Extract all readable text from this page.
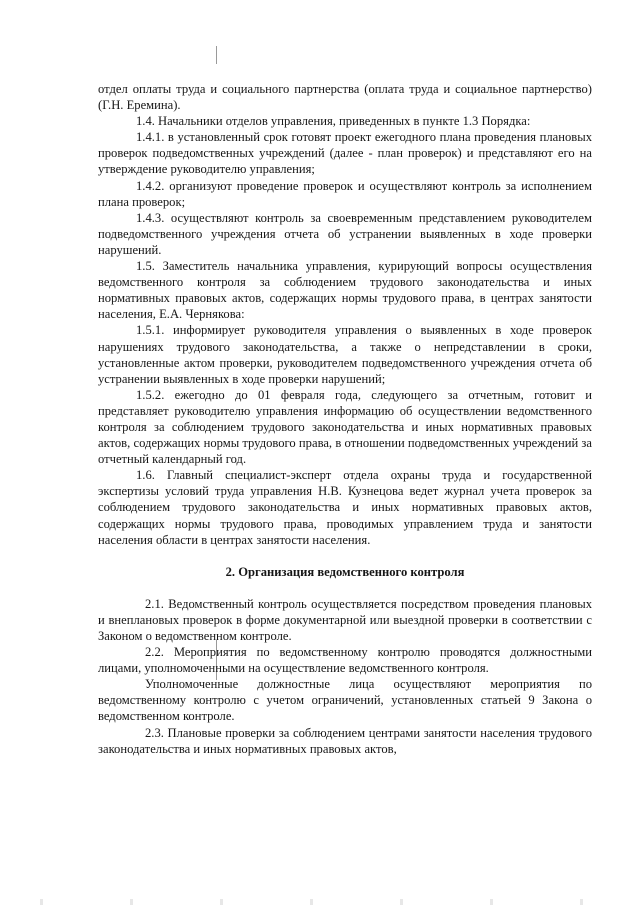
отдел оплаты труда и социального партнерства (оплата труда и социальное партнерство) (Г.Н. Еремина).

1.4. Начальники отделов управления, приведенных в пункте 1.3 Порядка:

1.4.1. в установленный срок готовят проект ежегодного плана проведения плановых проверок подведомственных учреждений (далее - план проверок) и представляют его на утверждение руководителю управления;

1.4.2. организуют проведение проверок и осуществляют контроль за исполнением плана проверок;

1.4.3. осуществляют контроль за своевременным представлением руководителем подведомственного учреждения отчета об устранении выявленных в ходе проверки нарушений.

1.5. Заместитель начальника управления, курирующий вопросы осуществления ведомственного контроля за соблюдением трудового законодательства и иных нормативных правовых актов, содержащих нормы трудового права, в центрах занятости населения, Е.А. Чернякова:

1.5.1. информирует руководителя управления о выявленных в ходе проверок нарушениях трудового законодательства, а также о непредставлении в сроки, установленные актом проверки, руководителем подведомственного учреждения отчета об устранении выявленных в ходе проверки нарушений;

1.5.2. ежегодно до 01 февраля года, следующего за отчетным, готовит и представляет руководителю управления информацию об осуществлении ведомственного контроля за соблюдением трудового законодательства и иных нормативных правовых актов, содержащих нормы трудового права, в отношении подведомственных учреждений за отчетный календарный год.

1.6. Главный специалист-эксперт отдела охраны труда и государственной экспертизы условий труда управления Н.В. Кузнецова ведет журнал учета проверок за соблюдением трудового законодательства и иных нормативных правовых актов, содержащих нормы трудового права, проводимых управлением труда и занятости населения области в центрах занятости населения.

2. Организация ведомственного контроля

2.1. Ведомственный контроль осуществляется посредством проведения плановых и внеплановых проверок в форме документарной или выездной проверки в соответствии с Законом о ведомственном контроле.

2.2. Мероприятия по ведомственному контролю проводятся должностными лицами, уполномоченными на осуществление ведомственного контроля.

Уполномоченные должностные лица осуществляют мероприятия по ведомственному контролю с учетом ограничений, установленных статьей 9 Закона о ведомственном контроле.

2.3. Плановые проверки за соблюдением центрами занятости населения трудового законодательства и иных нормативных правовых актов,
